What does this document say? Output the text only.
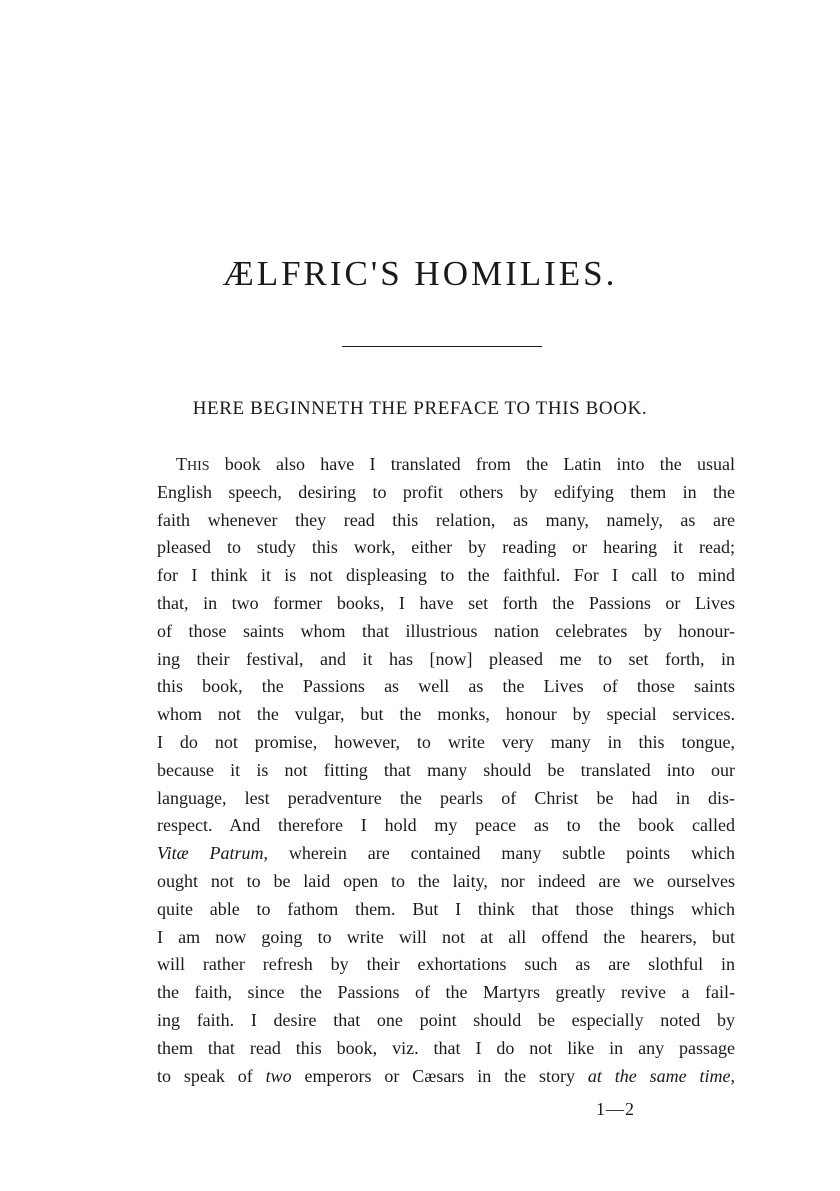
ÆLFRIC'S HOMILIES.
HERE BEGINNETH THE PREFACE TO THIS BOOK.
THIS book also have I translated from the Latin into the usual
English speech, desiring to profit others by edifying them in the
faith whenever they read this relation, as many, namely, as are
pleased to study this work, either by reading or hearing it read;
for I think it is not displeasing to the faithful. For I call to mind
that, in two former books, I have set forth the Passions or Lives
of those saints whom that illustrious nation celebrates by honour-
ing their festival, and it has [now] pleased me to set forth, in
this book, the Passions as well as the Lives of those saints
whom not the vulgar, but the monks, honour by special services.
I do not promise, however, to write very many in this tongue,
because it is not fitting that many should be translated into our
language, lest peradventure the pearls of Christ be had in dis-
respect. And therefore I hold my peace as to the book called
Vitæ Patrum, wherein are contained many subtle points which
ought not to be laid open to the laity, nor indeed are we ourselves
quite able to fathom them. But I think that those things which
I am now going to write will not at all offend the hearers, but
will rather refresh by their exhortations such as are slothful in
the faith, since the Passions of the Martyrs greatly revive a fail-
ing faith. I desire that one point should be especially noted by
them that read this book, viz. that I do not like in any passage
to speak of two emperors or Cæsars in the story at the same time,
1—2
